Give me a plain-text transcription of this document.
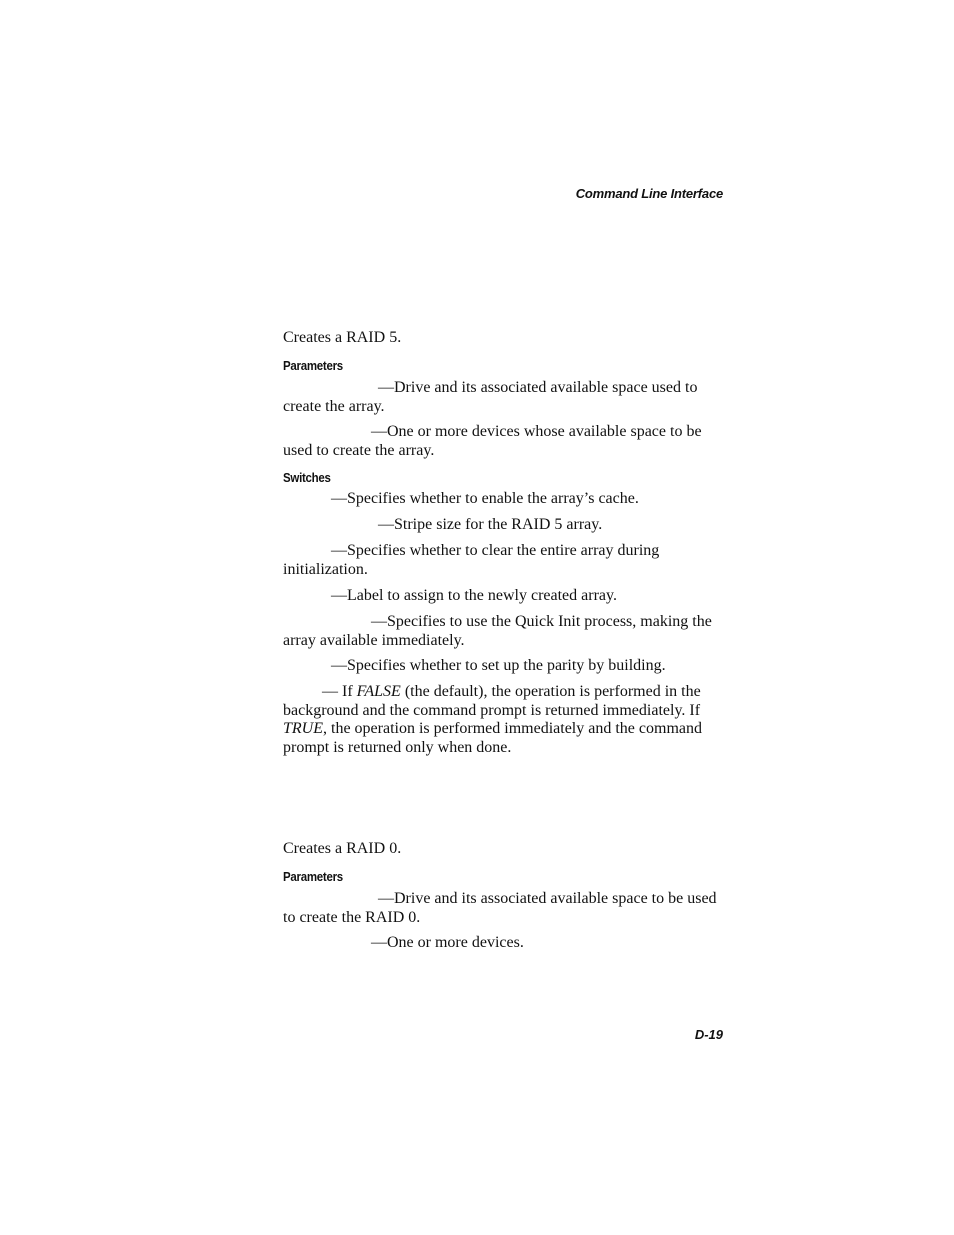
Command Line Interface

Creates a RAID 5.

Parameters

—Drive and its associated available space used to create the array.

—One or more devices whose available space to be used to create the array.

Switches

—Specifies whether to enable the array’s cache.

—Stripe size for the RAID 5 array.

—Specifies whether to clear the entire array during initialization.

—Label to assign to the newly created array.

—Specifies to use the Quick Init process, making the array available immediately.

—Specifies whether to set up the parity by building.

— If FALSE (the default), the operation is performed in the background and the command prompt is returned immediately. If TRUE, the operation is performed immediately and the command prompt is returned only when done.

Creates a RAID 0.

Parameters

—Drive and its associated available space to be used to create the RAID 0.

—One or more devices.

D-19
